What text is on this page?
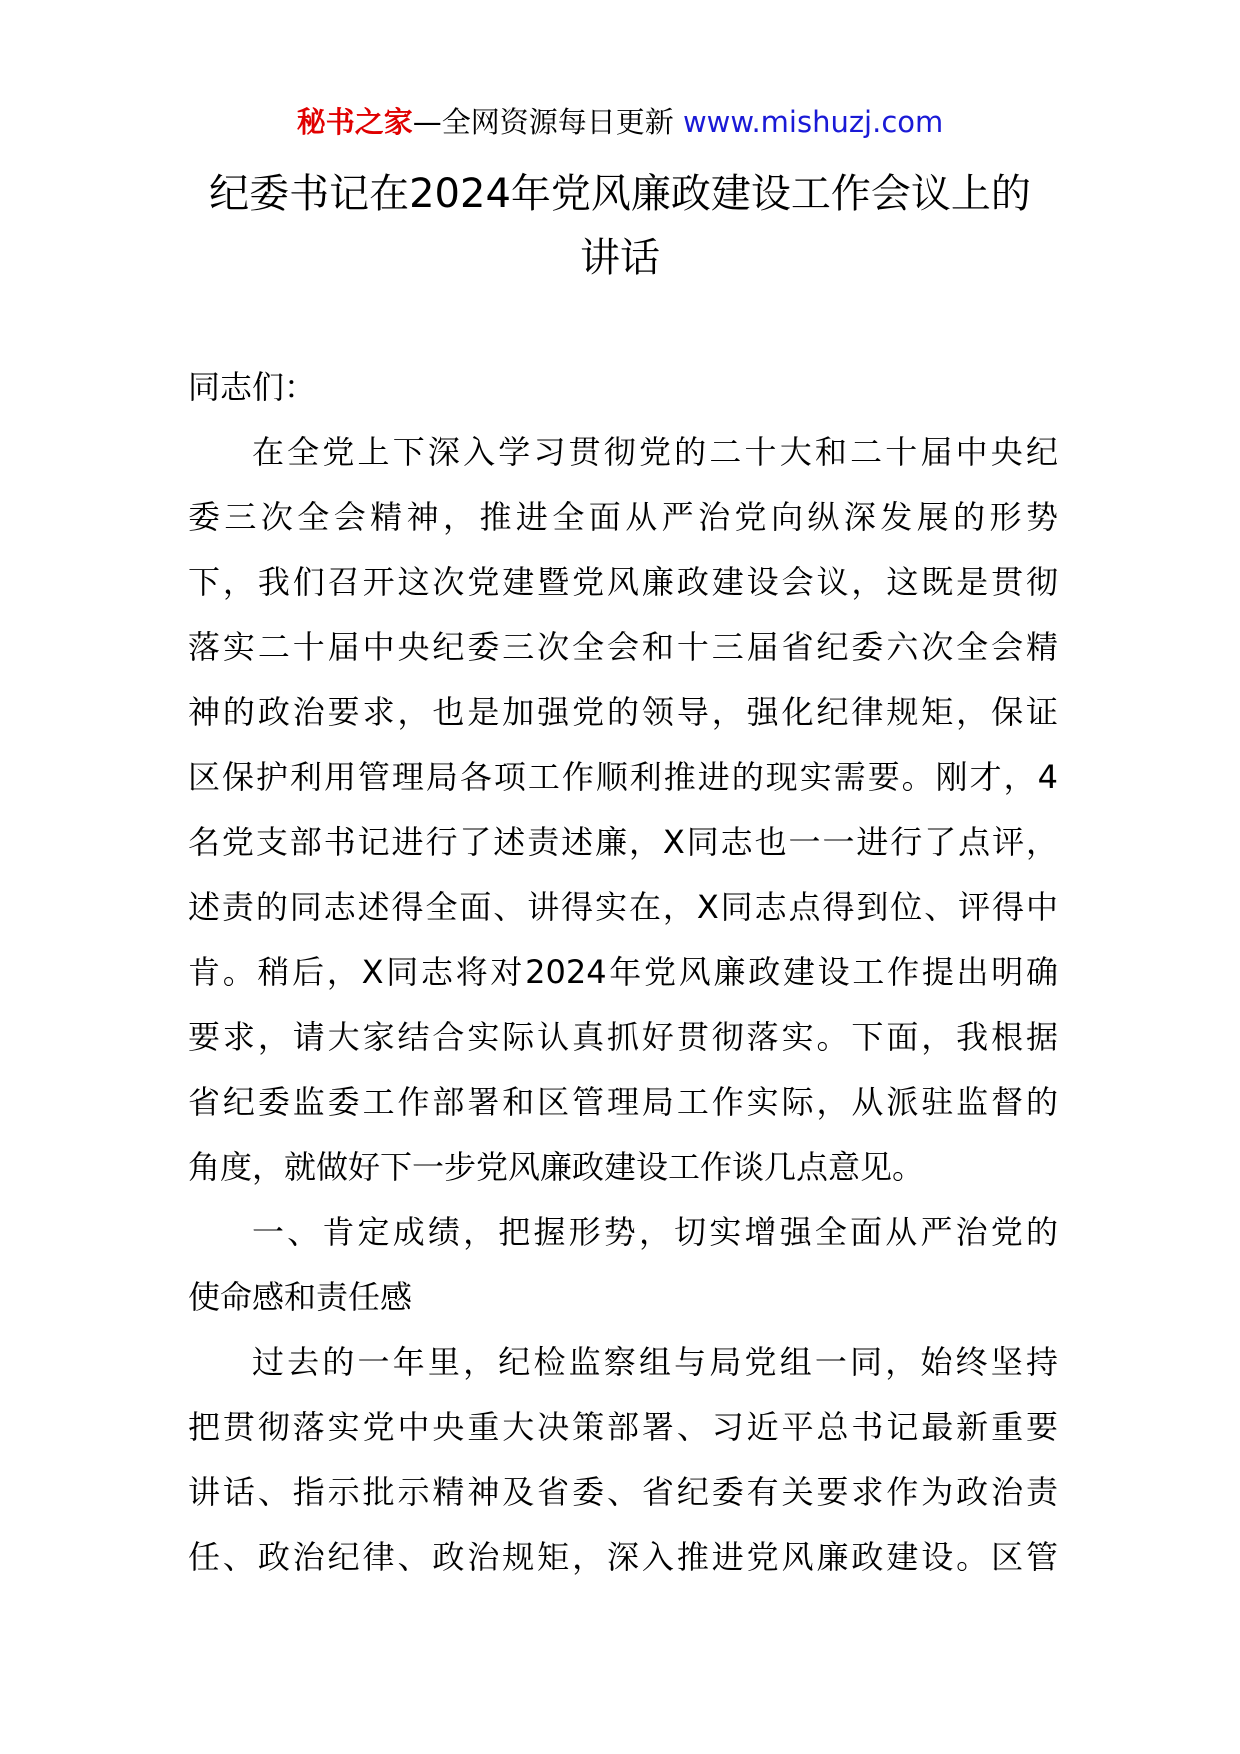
秘书之家—全网资源每日更新 www.mishuzj.com
纪委书记在2024年党风廉政建设工作会议上的
讲话

同志们：

在全党上下深入学习贯彻党的二十大和二十届中央纪
委三次全会精神，推进全面从严治党向纵深发展的形势
下，我们召开这次党建暨党风廉政建设会议，这既是贯彻
落实二十届中央纪委三次全会和十三届省纪委六次全会精
神的政治要求，也是加强党的领导，强化纪律规矩，保证
区保护利用管理局各项工作顺利推进的现实需要。刚才，4
名党支部书记进行了述责述廉，X同志也一一进行了点评，
述责的同志述得全面、讲得实在，X同志点得到位、评得中
肯。稍后，X同志将对2024年党风廉政建设工作提出明确
要求，请大家结合实际认真抓好贯彻落实。下面，我根据
省纪委监委工作部署和区管理局工作实际，从派驻监督的
角度，就做好下一步党风廉政建设工作谈几点意见。

一、肯定成绩，把握形势，切实增强全面从严治党的
使命感和责任感

过去的一年里，纪检监察组与局党组一同，始终坚持
把贯彻落实党中央重大决策部署、习近平总书记最新重要
讲话、指示批示精神及省委、省纪委有关要求作为政治责
任、政治纪律、政治规矩，深入推进党风廉政建设。区管
